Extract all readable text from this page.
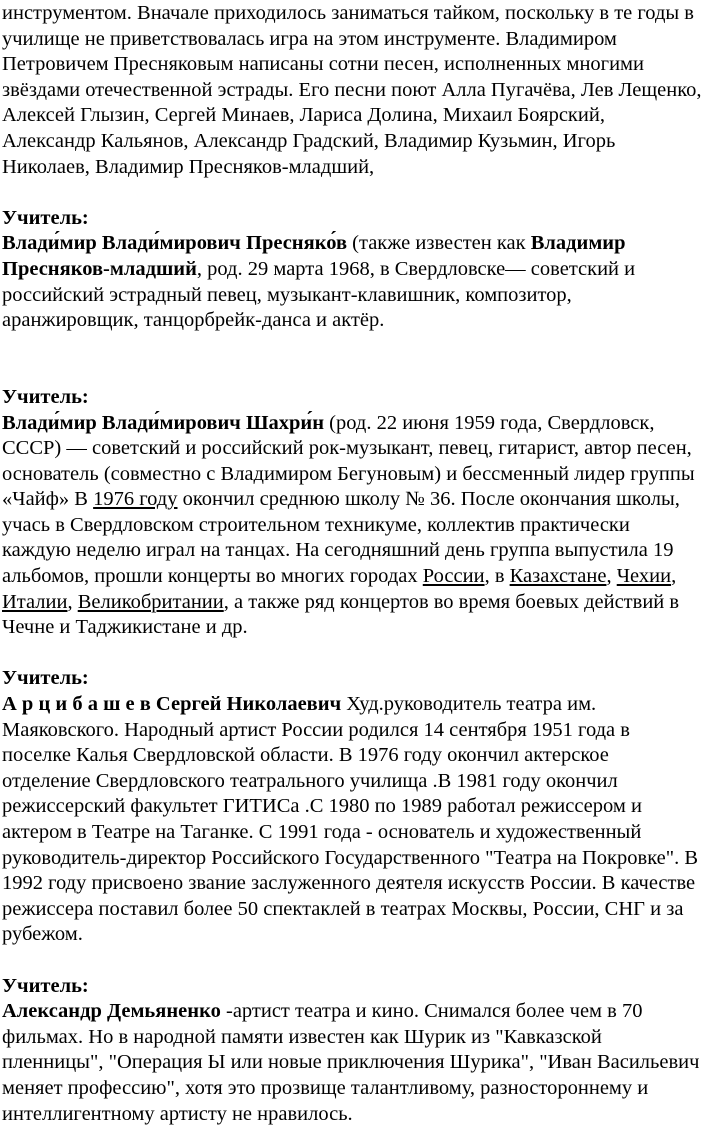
инструментом. Вначале приходилось заниматься тайком, поскольку в те годы в училище не приветствовалась игра на этом инструменте. Владимиром Петровичем Пресняковым написаны сотни песен, исполненных многими звёздами отечественной эстрады. Его песни поют Алла Пугачёва, Лев Лещенко, Алексей Глызин, Сергей Минаев, Лариса Долина, Михаил Боярский, Александр Кальянов, Александр Градский, Владимир Кузьмин, Игорь Николаев, Владимир Пресняков-младший,

Учитель:

Влади́мир Влади́мирович Пресняко́в (также известен как Владимир Пресняков-младший, род. 29 марта 1968, в Свердловске— советский и российский эстрадный певец, музыкант-клавишник, композитор, аранжировщик, танцорбрейк-данса и актёр.

Учитель:

Влади́мир Влади́мирович Шахри́н (род. 22 июня 1959 года, Свердловск, СССР) — советский и российский рок-музыкант, певец, гитарист, автор песен, основатель (совместно с Владимиром Бегуновым) и бессменный лидер группы «Чайф» В 1976 году окончил среднюю школу № 36. После окончания школы, учась в Свердловском строительном техникуме, коллектив практически каждую неделю играл на танцах. На сегодняшний день группа выпустила 19 альбомов, прошли концерты во многих городах России, в Казахстане, Чехии, Италии, Великобритании, а также ряд концертов во время боевых действий в Чечне и Таджикистане и др.

Учитель:

А р ц и б а ш е в Сергей Николаевич Худ.руководитель театра им. Маяковского. Народный артист России родился 14 сентября 1951 года в поселке Калья Свердловской области. В 1976 году окончил актерское отделение Свердловского театрального училища .В 1981 году окончил режиссерский факультет ГИТИСа .С 1980 по 1989 работал режиссером и актером в Театре на Таганке. С 1991 года - основатель и художественный руководитель-директор Российского Государственного "Театра на Покровке". В 1992 году присвоено звание заслуженного деятеля искусств России. В качестве режиссера поставил более 50 спектаклей в театрах Москвы, России, СНГ и за рубежом.

Учитель:

Александр Демьяненко -артист театра и кино. Снимался более чем в 70 фильмах. Но в народной памяти известен как Шурик из "Кавказской пленницы", "Операция Ы или новые приключения Шурика", "Иван Васильевич меняет профессию", хотя это прозвище талантливому, разностороннему и интеллигентному артисту не нравилось.
